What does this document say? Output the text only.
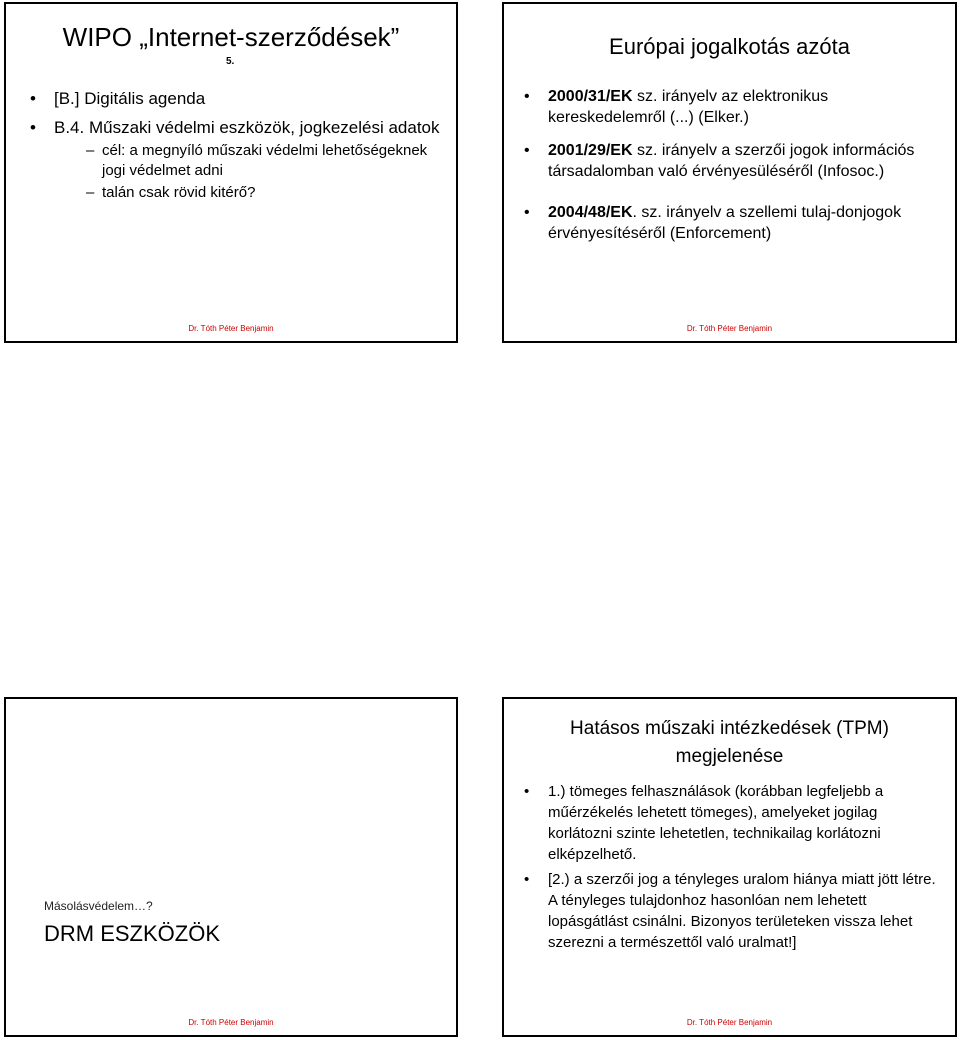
WIPO „Internet-szerződések”
5.
• [B.] Digitális agenda
• B.4. Műszaki védelmi eszközök, jogkezelési adatok
– cél: a megnyíló műszaki védelmi lehetőségeknek jogi védelmet adni
– talán csak rövid kitérő?
Dr. Tóth Péter Benjamin
Európai jogalkotás azóta
• 2000/31/EK sz. irányelv az elektronikus kereskedelemről (...) (Elker.)
• 2001/29/EK sz. irányelv a szerzői jogok információs társadalomban való érvényesüléséről (Infosoc.)
• 2004/48/EK. sz. irányelv a szellemi tulaj-donjogok érvényesítéséről (Enforcement)
Dr. Tóth Péter Benjamin
Másolásvédelem…?
DRM ESZKÖZÖK
Dr. Tóth Péter Benjamin
Hatásos műszaki intézkedések (TPM) megjelenése
• 1.) tömeges felhasználások (korábban legfeljebb a műérzékelés lehetett tömeges), amelyeket jogilag korlátozni szinte lehetetlen, technikailag korlátozni elképzelhető.
• [2.) a szerzői jog a tényleges uralom hiánya miatt jött létre. A tényleges tulajdonhoz hasonlóan nem lehetett lopásgátlást csinálni. Bizonyos területeken vissza lehet szerezni a természettől való uralmat!]
Dr. Tóth Péter Benjamin
